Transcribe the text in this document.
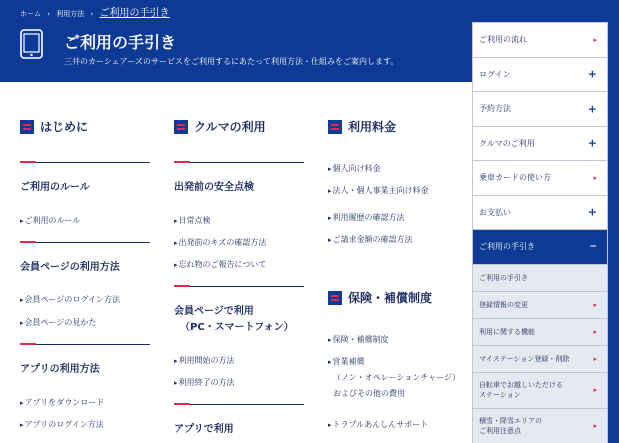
ホーム › 利用方法 › ご利用の手引き
ご利用の手引き
三井のカーシェアーズのサービスをご利用するにあたって利用方法・仕組みをご案内します。
はじめに
ご利用のルール
▸ ご利用のルール
会員ページの利用方法
▸ 会員ページのログイン方法
▸ 会員ページの見かた
アプリの利用方法
▸ アプリをダウンロード
▸ アプリのログイン方法
クルマの利用
出発前の安全点検
▸ 日常点検
▸ 出発前のキズの確認方法
▸ 忘れ物のご報告について
会員ページで利用
（PC・スマートフォン）
▸ 利用開始の方法
▸ 利用終了の方法
アプリで利用
利用料金
▸ 個人向け料金
▸ 法人・個人事業主向け料金
▸ 利用履歴の確認方法
▸ ご請求金額の確認方法
保険・補償制度
▸ 保険・補償制度
▸ 営業補償
（ノン・オペレーションチャージ）
およびその他の費用
▸ トラブルあんしんサポート
ご利用の流れ	▸
ログイン	+
予約方法	+
クルマのご利用	+
乗車カードの使い方	▸
お支払い	+
ご利用の手引き	−
ご利用の手引き
登録情報の変更	▸
利用に関する機能	▸
マイステーション登録・削除	▸
自転車でお越しいただける
ステーション
▸
積雪・降雪エリアの
ご利用注意点
▸
